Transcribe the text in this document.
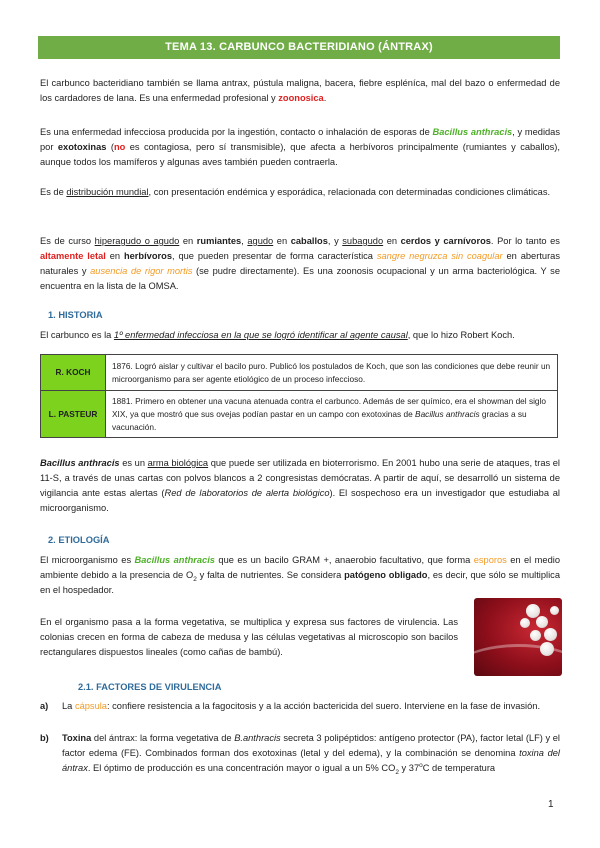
TEMA 13. CARBUNCO BACTERIDIANO (ÁNTRAX)

El carbunco bacteridiano también se llama antrax, pústula maligna, bacera, fiebre espléníca, mal del bazo o enfermedad de los cardadores de lana. Es una enfermedad profesional y zoonosica.

Es una enfermedad infecciosa producida por la ingestión, contacto o inhalación de esporas de Bacillus anthracis, y medidas por exotoxinas (no es contagiosa, pero sí transmisible), que afecta a herbívoros principalmente (rumiantes y caballos), aunque todos los mamíferos y algunas aves también pueden contraerla.

Es de distribución mundial, con presentación endémica y esporádica, relacionada con determinadas condiciones climáticas.

Es de curso hiperagudo o agudo en rumiantes, agudo en caballos, y subagudo en cerdos y carnívoros. Por lo tanto es altamente letal en herbívoros, que pueden presentar de forma característica sangre negruzca sin coagular en aberturas naturales y ausencia de rigor mortis (se pudre directamente). Es una zoonosis ocupacional y un arma bacteriológica. Y se encuentra en la lista de la OMSA.

1. HISTORIA

El carbunco es la 1º enfermedad infecciosa en la que se logró identificar al agente causal, que lo hizo Robert Koch.

R. KOCH	1876. Logró aislar y cultivar el bacilo puro. Publicó los postulados de Koch, que son las condiciones que debe reunir un microorganismo para ser agente etiológico de un proceso infeccioso.
L. PASTEUR	1881. Primero en obtener una vacuna atenuada contra el carbunco. Además de ser químico, era el showman del siglo XIX, ya que mostró que sus ovejas podían pastar en un campo con exotoxinas de Bacillus anthracis gracias a su vacunación.

Bacillus anthracis es un arma biológica que puede ser utilizada en bioterrorismo. En 2001 hubo una serie de ataques, tras el 11-S, a través de unas cartas con polvos blancos a 2 congresistas demócratas. A partir de aquí, se desarrolló un sistema de vigilancia ante estas alertas (Red de laboratorios de alerta biológico). El sospechoso era un investigador que estudiaba al microorganismo.

2. ETIOLOGÍA

El microorganismo es Bacillus anthracis que es un bacilo GRAM +, anaerobio facultativo, que forma esporos en el medio ambiente debido a la presencia de $O_2$ y falta de nutrientes. Se considera patógeno obligado, es decir, que sólo se multiplica en el hospedador.

En el organismo pasa a la forma vegetativa, se multiplica y expresa sus factores de virulencia. Las colonias crecen en forma de cabeza de medusa y las células vegetativas al microscopio son bacilos rectangulares dispuestos lineales (como cañas de bambú).

2.1. FACTORES DE VIRULENCIA
a) La cápsula: confiere resistencia a la fagocitosis y a la acción bactericida del suero. Interviene en la fase de invasión.
b) Toxina del ántrax: la forma vegetativa de B.anthracis secreta 3 polipéptidos: antígeno protector (PA), factor letal (LF) y el factor edema (FE). Combinados forman dos exotoxinas (letal y del edema), y la combinación se denomina toxina del ántrax. El óptimo de producción es una concentración mayor o igual a un 5% $CO_2$ y 37$^o$C de temperatura
1
